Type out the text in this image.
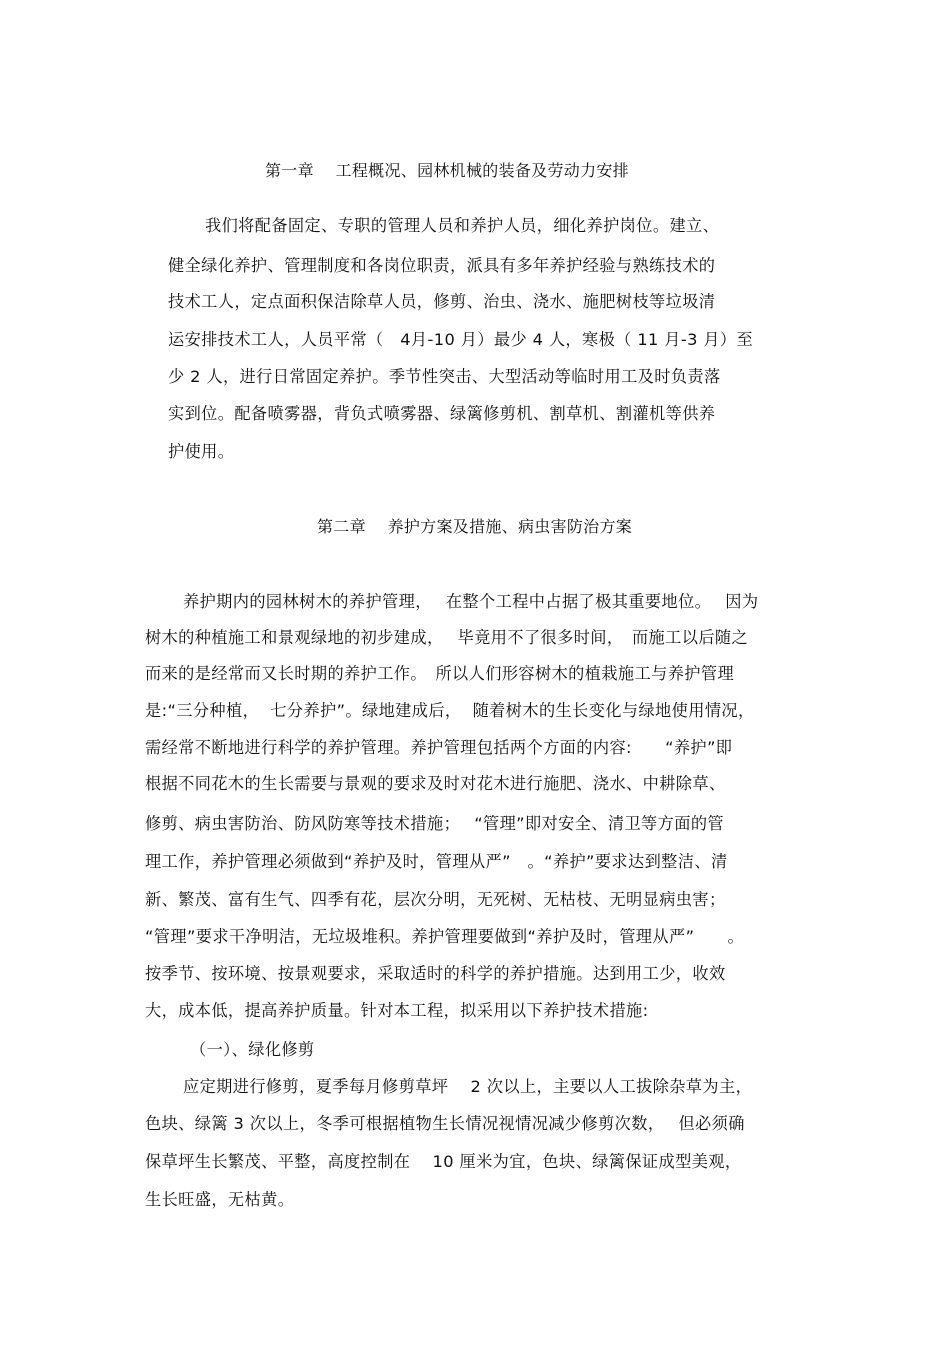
第一章　 工程概况、园林机械的装备及劳动力安排
我们将配备固定、专职的管理人员和养护人员，细化养护岗位。建立、
健全绿化养护、管理制度和各岗位职责，派具有多年养护经验与熟练技术的
技术工人，定点面积保洁除草人员，修剪、治虫、浇水、施肥树枝等垃圾清
运安排技术工人，人员平常（　4月-10 月）最少 4 人，寒极（ 11 月-3 月）至
少 2 人，进行日常固定养护。季节性突击、大型活动等临时用工及时负责落
实到位。配备喷雾器，背负式喷雾器、绿篱修剪机、割草机、割灌机等供养
护使用。
第二章　 养护方案及措施、病虫害防治方案
养护期内的园林树木的养护管理，　 在整个工程中占据了极其重要地位。　 因为
树木的种植施工和景观绿地的初步建成，　 毕竟用不了很多时间，　而施工以后随之
而来的是经常而又长时期的养护工作。　所以人们形容树木的植栽施工与养护管理
是:“三分种植，  七分养护”。绿地建成后，  随着树木的生长变化与绿地使用情况，
需经常不断地进行科学的养护管理。养护管理包括两个方面的内容:　　“养护”即
根据不同花木的生长需要与景观的要求及时对花木进行施肥、浇水、中耕除草、
修剪、病虫害防治、防风防寒等技术措施；　 “管理”即对安全、清卫等方面的管
理工作，养护管理必须做到“养护及时，管理从严”　。“养护”要求达到整洁、清
新、繁茂、富有生气、四季有花，层次分明，无死树、无枯枝、无明显病虫害；
“管理”要求干净明洁，无垃圾堆积。养护管理要做到“养护及时，管理从严”　　。
按季节、按环境、按景观要求，采取适时的科学的养护措施。达到用工少，收效
大，成本低，提高养护质量。针对本工程，拟采用以下养护技术措施:
（一）、绿化修剪
应定期进行修剪，夏季每月修剪草坪　 2 次以上，主要以人工拔除杂草为主，
色块、绿篱 3 次以上，冬季可根据植物生长情况视情况减少修剪次数，　 但必须确
保草坪生长繁茂、平整，高度控制在　 10 厘米为宜，色块、绿篱保证成型美观，
生长旺盛，无枯黄。
